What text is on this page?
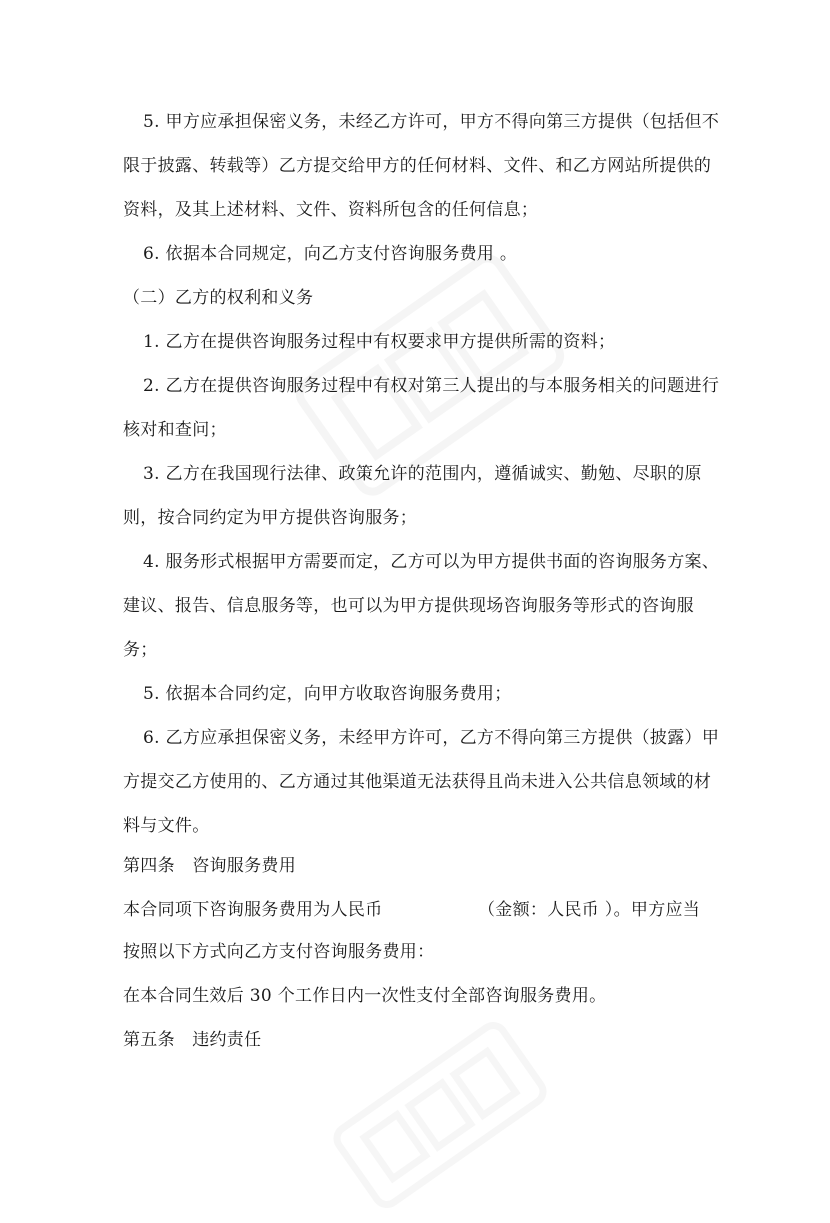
5. 甲方应承担保密义务，未经乙方许可，甲方不得向第三方提供（包括但不
限于披露、转载等）乙方提交给甲方的任何材料、文件、和乙方网站所提供的
资料，及其上述材料、文件、资料所包含的任何信息；
6. 依据本合同规定，向乙方支付咨询服务费用 。
（二）乙方的权利和义务
1. 乙方在提供咨询服务过程中有权要求甲方提供所需的资料；
2. 乙方在提供咨询服务过程中有权对第三人提出的与本服务相关的问题进行
核对和查问；
3. 乙方在我国现行法律、政策允许的范围内，遵循诚实、勤勉、尽职的原
则，按合同约定为甲方提供咨询服务；
4. 服务形式根据甲方需要而定，乙方可以为甲方提供书面的咨询服务方案、
建议、报告、信息服务等，也可以为甲方提供现场咨询服务等形式的咨询服
务；
5. 依据本合同约定，向甲方收取咨询服务费用；
6. 乙方应承担保密义务，未经甲方许可，乙方不得向第三方提供（披露）甲
方提交乙方使用的、乙方通过其他渠道无法获得且尚未进入公共信息领域的材
料与文件。
第四条　咨询服务费用
本合同项下咨询服务费用为人民币	（金额：人民币 ）。甲方应当
按照以下方式向乙方支付咨询服务费用：
在本合同生效后 30 个工作日内一次性支付全部咨询服务费用。
第五条　违约责任
